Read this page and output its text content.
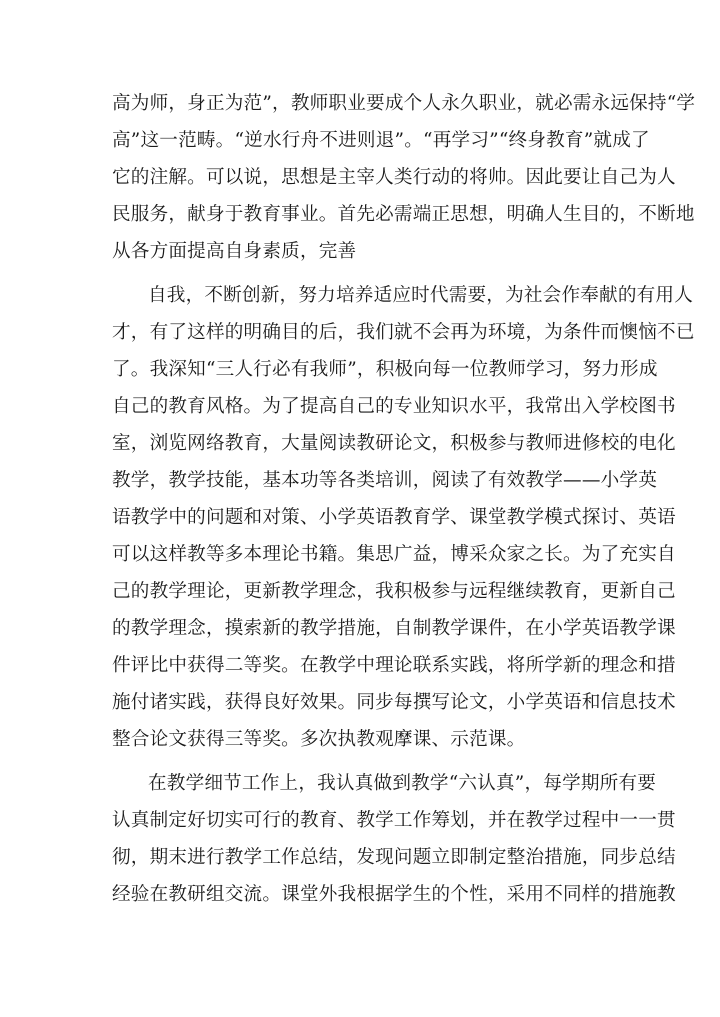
高为师，身正为范”，教师职业要成个人永久职业，就必需永远保持“学
高”这一范畴。“逆水行舟不进则退”。“再学习”“终身教育”就成了
它的注解。可以说，思想是主宰人类行动的将帅。因此要让自己为人
民服务，献身于教育事业。首先必需端正思想，明确人生目的，不断地
从各方面提高自身素质，完善
自我，不断创新，努力培养适应时代需要，为社会作奉献的有用人
才，有了这样的明确目的后，我们就不会再为环境，为条件而懊恼不已
了。我深知“三人行必有我师”，积极向每一位教师学习，努力形成
自己的教育风格。为了提高自己的专业知识水平，我常出入学校图书
室，浏览网络教育，大量阅读教研论文，积极参与教师进修校的电化
教学，教学技能，基本功等各类培训，阅读了有效教学——小学英
语教学中的问题和对策、小学英语教育学、课堂教学模式探讨、英语
可以这样教等多本理论书籍。集思广益，博采众家之长。为了充实自
己的教学理论，更新教学理念，我积极参与远程继续教育，更新自己
的教学理念，摸索新的教学措施，自制教学课件，在小学英语教学课
件评比中获得二等奖。在教学中理论联系实践，将所学新的理念和措
施付诸实践，获得良好效果。同步每撰写论文，小学英语和信息技术
整合论文获得三等奖。多次执教观摩课、示范课。
在教学细节工作上，我认真做到教学“六认真”，每学期所有要
认真制定好切实可行的教育、教学工作筹划，并在教学过程中一一贯
彻，期末进行教学工作总结，发现问题立即制定整治措施，同步总结
经验在教研组交流。课堂外我根据学生的个性，采用不同样的措施教
